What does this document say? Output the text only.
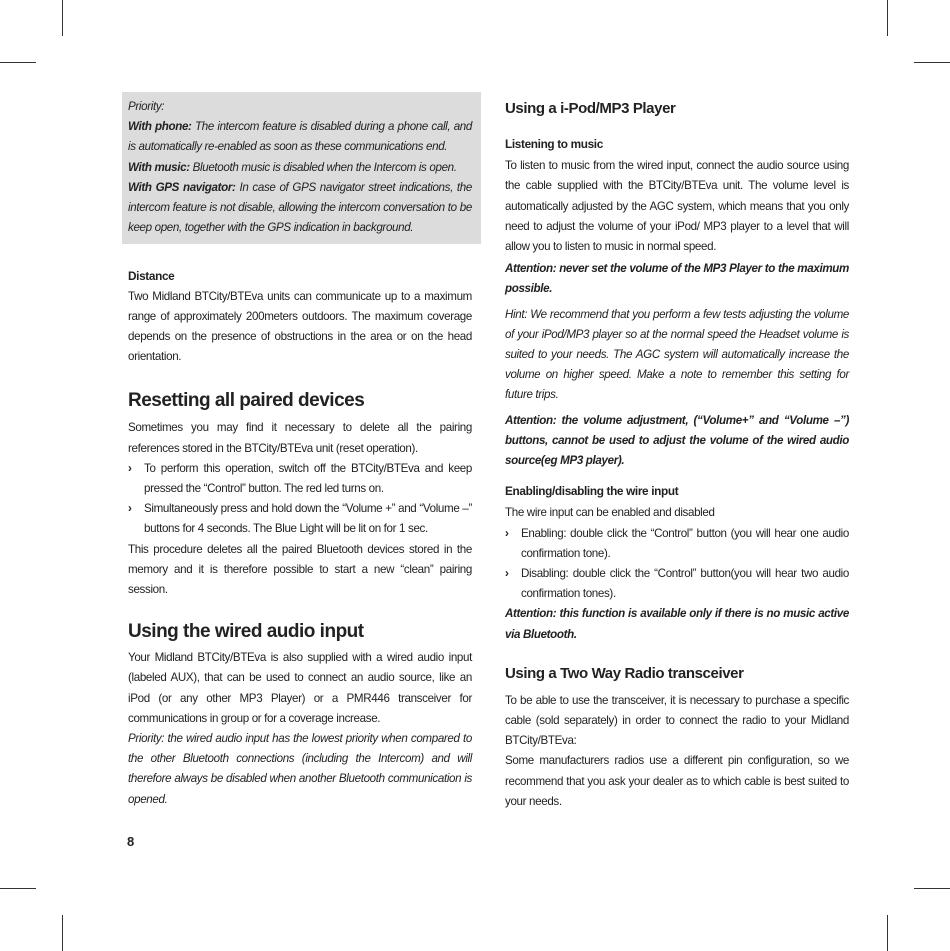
Priority:

With phone: The intercom feature is disabled during a phone call, and is automatically re-enabled as soon as these communications end.

With music: Bluetooth music is disabled when the Intercom is open.

With GPS navigator: In case of GPS navigator street indications, the intercom feature is not disable, allowing the intercom conversation to be keep open, together with the GPS indication in background.

Distance

Two Midland BTCity/BTEva units can communicate up to a maximum range of approximately 200meters outdoors. The maximum coverage depends on the presence of obstructions in the area or on the head orientation.

Resetting all paired devices

Sometimes you may find it necessary to delete all the pairing references stored in the BTCity/BTEva unit (reset operation).

› To perform this operation, switch off the BTCity/BTEva and keep pressed the “Control” button. The red led turns on.
› Simultaneously press and hold down the “Volume +” and “Volume –” buttons for 4 seconds. The Blue Light will be lit on for 1 sec.

This procedure deletes all the paired Bluetooth devices stored in the memory and it is therefore possible to start a new “clean” pairing session.

Using the wired audio input

Your Midland BTCity/BTEva is also supplied with a wired audio input (labeled AUX), that can be used to connect an audio source, like an iPod (or any other MP3 Player) or a PMR446 transceiver for communications in group or for a coverage increase.

Priority: the wired audio input has the lowest priority when compared to the other Bluetooth connections (including the Intercom) and will therefore always be disabled when another Bluetooth communication is opened.

8
Using a i-Pod/MP3 Player

Listening to music

To listen to music from the wired input, connect the audio source using the cable supplied with the BTCity/BTEva unit. The volume level is automatically adjusted by the AGC system, which means that you only need to adjust the volume of your iPod/ MP3 player to a level that will allow you to listen to music in normal speed.

Attention: never set the volume of the MP3 Player to the maximum possible.

Hint: We recommend that you perform a few tests adjusting the volume of your iPod/MP3 player so at the normal speed the Headset volume is suited to your needs. The AGC system will automatically increase the volume on higher speed. Make a note to remember this setting for future trips.

Attention: the volume adjustment, (“Volume+” and “Volume –”) buttons, cannot be used to adjust the volume of the wired audio source(eg MP3 player).

Enabling/disabling the wire input

The wire input can be enabled and disabled

› Enabling: double click the “Control” button (you will hear one audio confirmation tone).
› Disabling: double click the “Control” button(you will hear two audio confirmation tones).

Attention: this function is available only if there is no music active via Bluetooth.

Using a Two Way Radio transceiver

To be able to use the transceiver, it is necessary to purchase a specific cable (sold separately) in order to connect the radio to your Midland BTCity/BTEva:

Some manufacturers radios use a different pin configuration, so we recommend that you ask your dealer as to which cable is best suited to your needs.
